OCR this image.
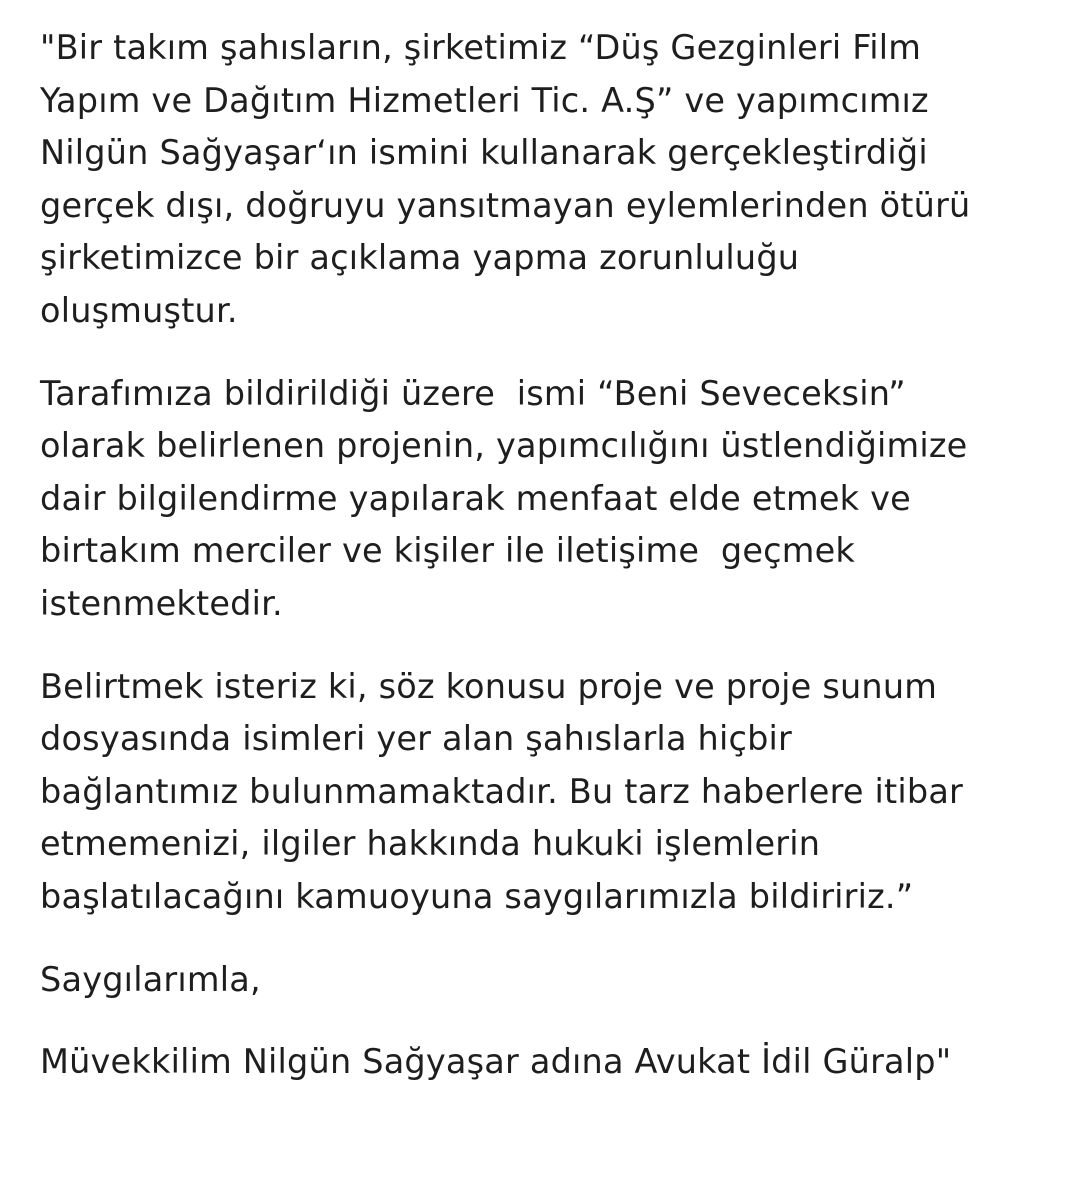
"Bir takım şahısların, şirketimiz “Düş Gezginleri Film
Yapım ve Dağıtım Hizmetleri Tic. A.Ş” ve yapımcımız
Nilgün Sağyaşar‘ın ismini kullanarak gerçekleştirdiği
gerçek dışı, doğruyu yansıtmayan eylemlerinden ötürü
şirketimizce bir açıklama yapma zorunluluğu
oluşmuştur.

Tarafımıza bildirildiği üzere  ismi “Beni Seveceksin”
olarak belirlenen projenin, yapımcılığını üstlendiğimize
dair bilgilendirme yapılarak menfaat elde etmek ve
birtakım merciler ve kişiler ile iletişime  geçmek
istenmektedir.

Belirtmek isteriz ki, söz konusu proje ve proje sunum
dosyasında isimleri yer alan şahıslarla hiçbir
bağlantımız bulunmamaktadır. Bu tarz haberlere itibar
etmemenizi, ilgiler hakkında hukuki işlemlerin
başlatılacağını kamuoyuna saygılarımızla bildiririz.”

Saygılarımla,

Müvekkilim Nilgün Sağyaşar adına Avukat İdil Güralp"
